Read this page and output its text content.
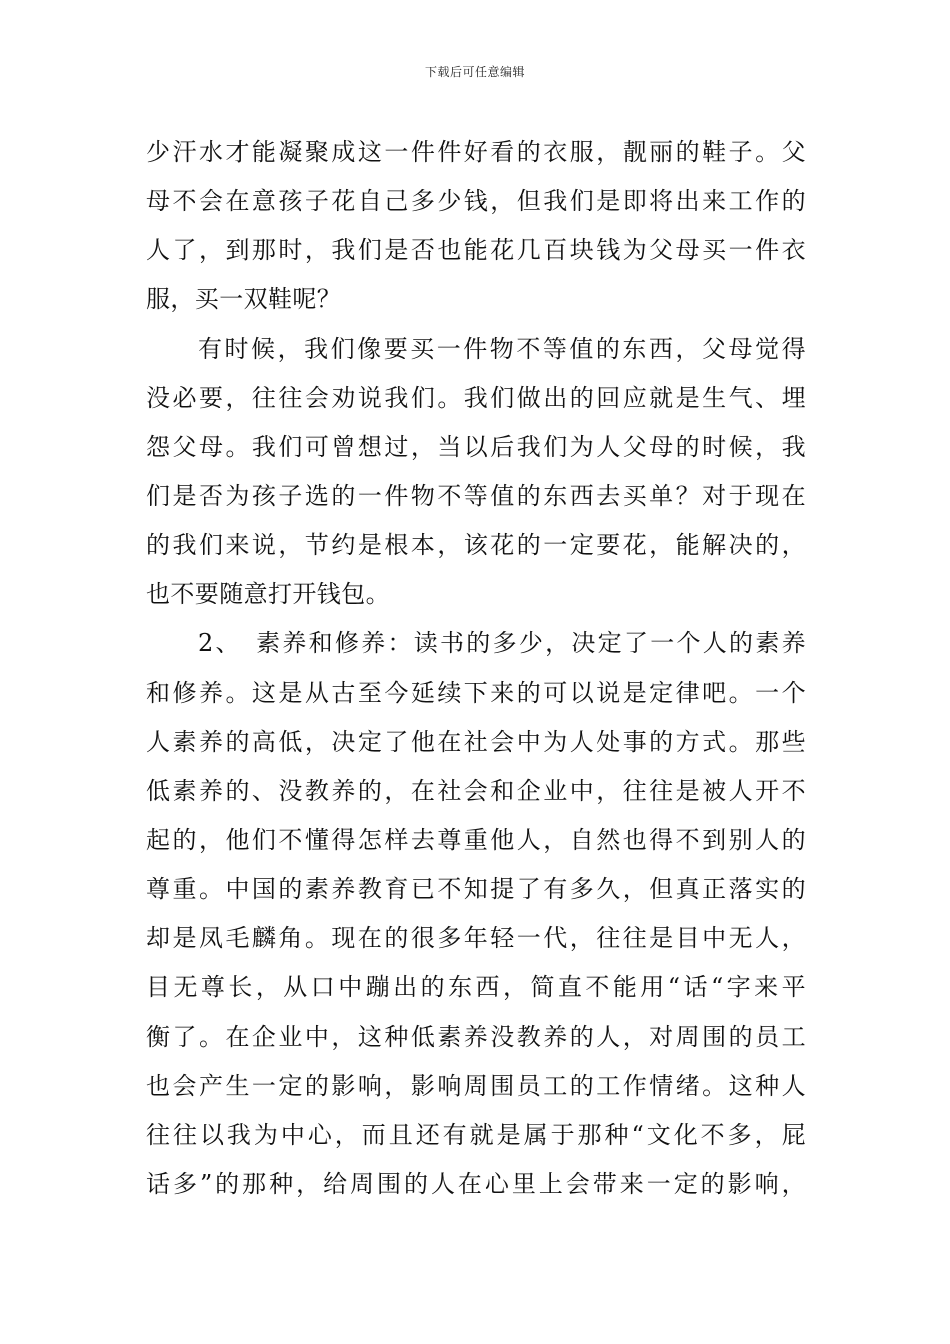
下载后可任意编辑
少汗水才能凝聚成这一件件好看的衣服，靓丽的鞋子。父
母不会在意孩子花自己多少钱，但我们是即将出来工作的
人了，到那时，我们是否也能花几百块钱为父母买一件衣
服，买一双鞋呢？
有时候，我们像要买一件物不等值的东西，父母觉得
没必要，往往会劝说我们。我们做出的回应就是生气、埋
怨父母。我们可曾想过，当以后我们为人父母的时候，我
们是否为孩子选的一件物不等值的东西去买单？对于现在
的我们来说，节约是根本，该花的一定要花，能解决的，
也不要随意打开钱包。
2、　素养和修养：读书的多少，决定了一个人的素养
和修养。这是从古至今延续下来的可以说是定律吧。一个
人素养的高低，决定了他在社会中为人处事的方式。那些
低素养的、没教养的，在社会和企业中，往往是被人开不
起的，他们不懂得怎样去尊重他人，自然也得不到别人的
尊重。中国的素养教育已不知提了有多久，但真正落实的
却是凤毛麟角。现在的很多年轻一代，往往是目中无人，
目无尊长，从口中蹦出的东西，简直不能用“话“字来平
衡了。在企业中，这种低素养没教养的人，对周围的员工
也会产生一定的影响，影响周围员工的工作情绪。这种人
往往以我为中心，而且还有就是属于那种“文化不多，屁
话多”的那种，给周围的人在心里上会带来一定的影响，
